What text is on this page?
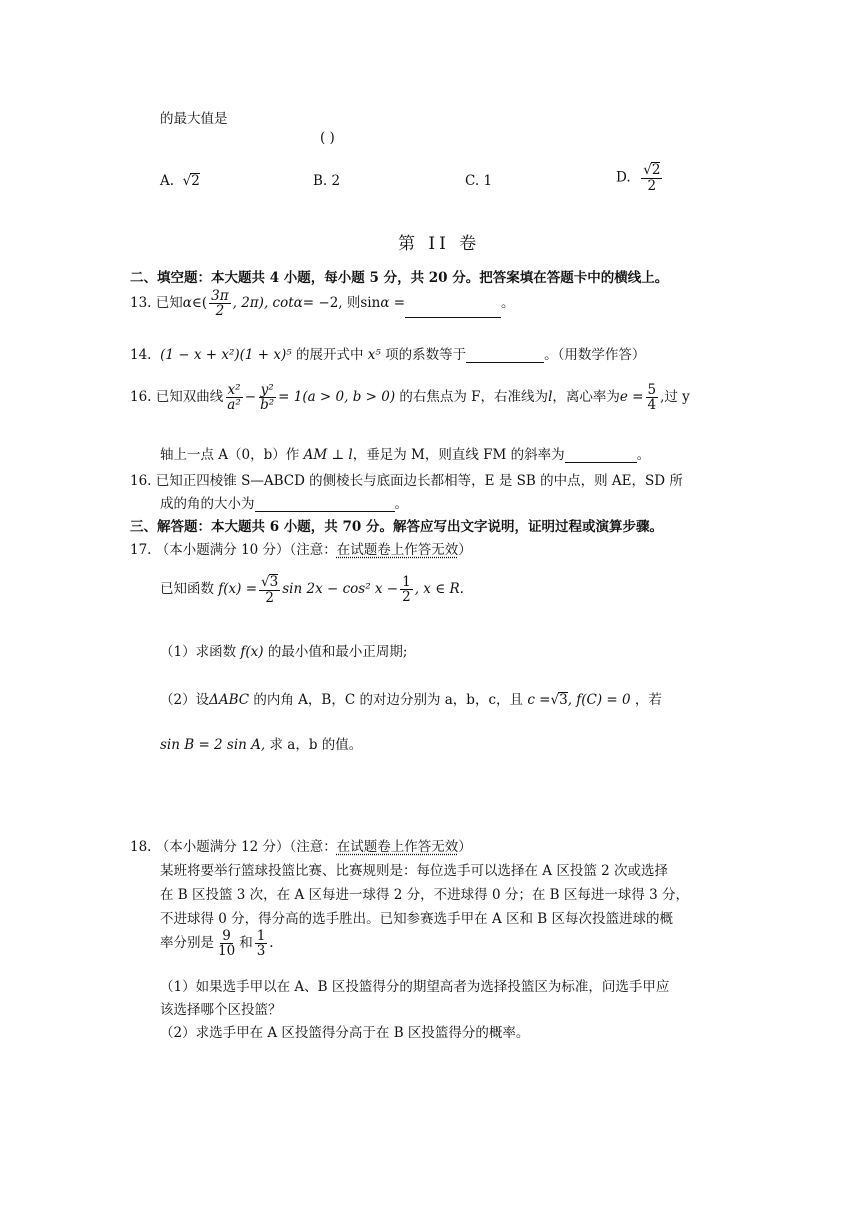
的最大值是
( )
A. √2	B. 2	C. 1	D. $\frac{√2}{2}$
第 II 卷
二、填空题：本大题共 4 小题，每小题 5 分，共 20 分。把答案填在答题卡中的横线上。
13. 已知α∈( $\frac{3\pi}{2}$ , 2π), cotα= −2, 则sinα =	。
14. (1 − x + x²)(1 + x)⁵ 的展开式中 x⁵ 项的系数等于	。（用数学作答）
16. 已知双曲线 $\frac{\text{x²}}{\text{a²}} - \frac{\text{y²}}{\text{b²}} = 1(a > 0$, b > 0) 的右焦点为 F，右准线为l，离心率为$e = \frac{5}{4}$ ,过 y
轴上一点 A（0，b）作 AM ⊥ l，垂足为 M，则直线 FM 的斜率为	。
16. 已知正四棱锥 S—ABCD 的侧棱长与底面边长都相等，E 是 SB 的中点，则 AE，SD 所
成的角的大小为	。
三、解答题：本大题共 6 小题，共 70 分。解答应写出文字说明，证明过程或演算步骤。
17. （本小题满分 10 分）（注意：在试题卷上作答无效）
已知函数 $f(x) = \frac{√3}{2}$ sin 2x − cos² $x - \frac{1}{2}$ , x ∈ R.
（1）求函数 f(x) 的最小值和最小正周期;
（2）设ΔABC 的内角 A，B，C 的对边分别为 a，b，c，且 c =√3, f(C) = 0 ，若
sin B = 2 sin A, 求 a，b 的值。
18. （本小题满分 12 分）（注意：在试题卷上作答无效）
某班将要举行篮球投篮比赛、比赛规则是：每位选手可以选择在 A 区投篮 2 次或选择
在 B 区投篮 3 次，在 A 区每进一球得 2 分，不进球得 0 分；在 B 区每进一球得 3 分，
不进球得 0 分，得分高的选手胜出。已知参赛选手甲在 A 区和 B 区每次投篮进球的概
率分别是 $\frac{9}{10}$ 和 $\frac{1}{3}$ .
（1）如果选手甲以在 A、B 区投篮得分的期望高者为选择投篮区为标准，问选手甲应
该选择哪个区投篮？
（2）求选手甲在 A 区投篮得分高于在 B 区投篮得分的概率。
